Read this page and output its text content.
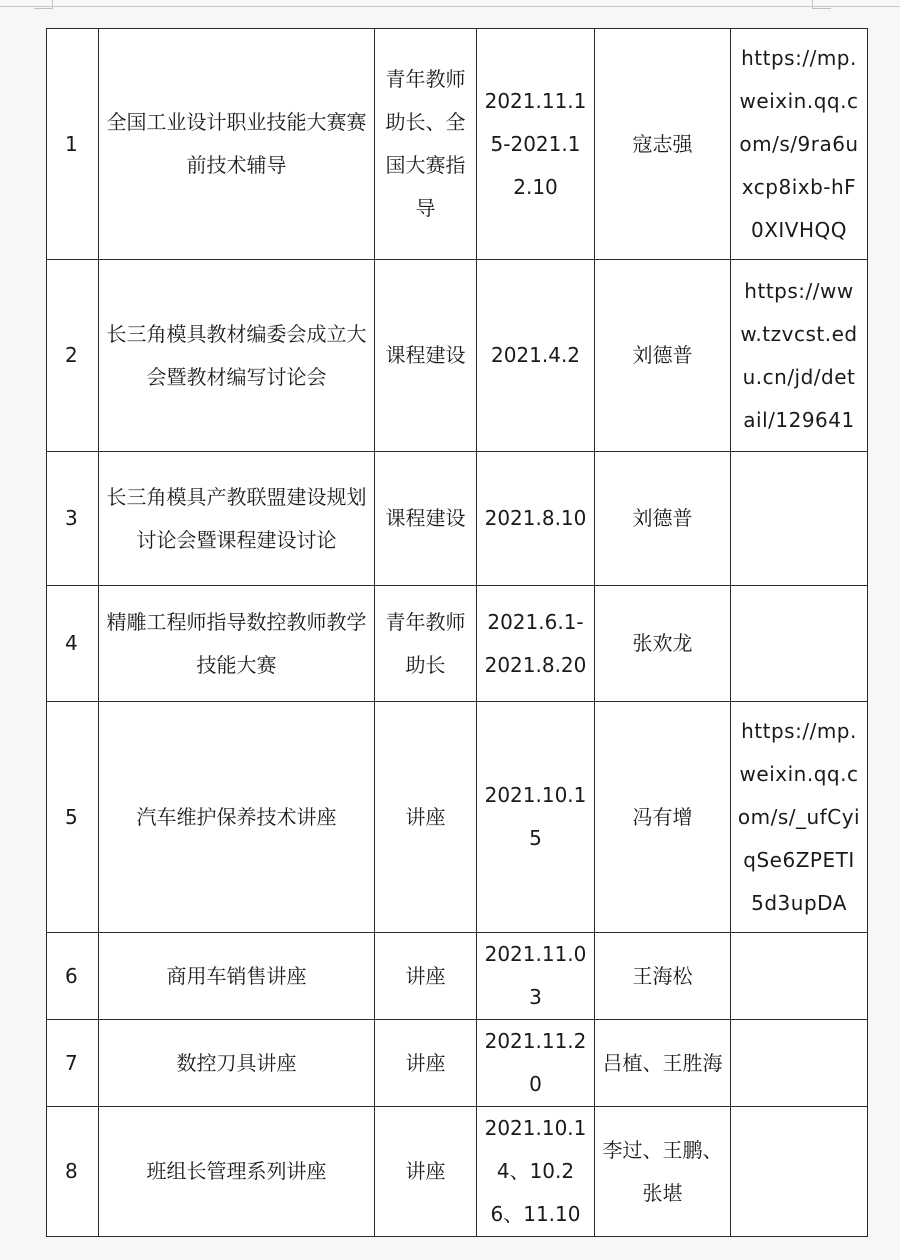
1	全国工业设计职业技能大赛赛前技术辅导	青年教师助长、全国大赛指导	2021.11.15-2021.12.10	寇志强	https://mp.weixin.qq.com/s/9ra6uxcp8ixb-hF0XIVHQQ
2	长三角模具教材编委会成立大会暨教材编写讨论会	课程建设	2021.4.2	刘德普	https://www.tzvcst.edu.cn/jd/detail/129641
3	长三角模具产教联盟建设规划讨论会暨课程建设讨论	课程建设	2021.8.10	刘德普	
4	精雕工程师指导数控教师教学技能大赛	青年教师助长	2021.6.1-2021.8.20	张欢龙	
5	汽车维护保养技术讲座	讲座	2021.10.15	冯有增	https://mp.weixin.qq.com/s/_ufCyiqSe6ZPETI5d3upDA
6	商用车销售讲座	讲座	2021.11.03	王海松	
7	数控刀具讲座	讲座	2021.11.20	吕植、王胜海	
8	班组长管理系列讲座	讲座	2021.10.14、10.26、11.10	李过、王鹏、张堪	
